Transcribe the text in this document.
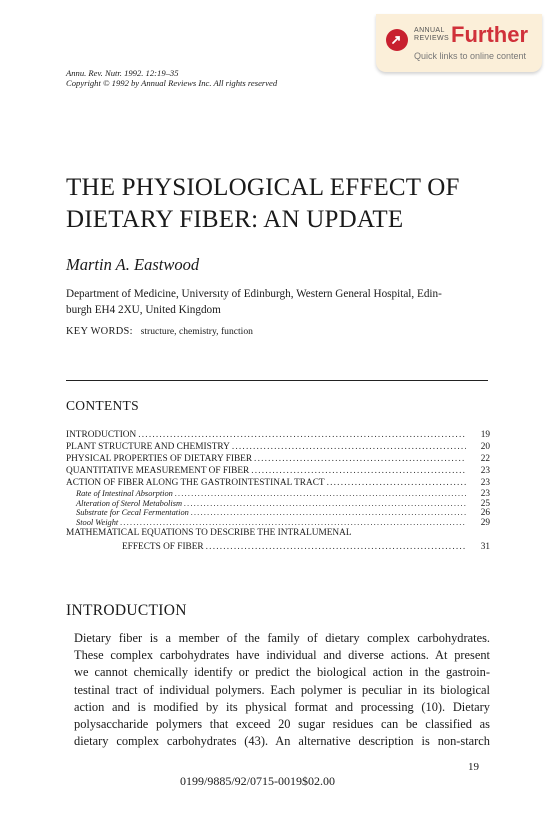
ANNUAL
REVIEWS Further
Quick links to online content
Annu. Rev. Nutr. 1992. 12:19–35
Copyright © 1992 by Annual Reviews Inc. All rights reserved
THE PHYSIOLOGICAL EFFECT OF
DIETARY FIBER: AN UPDATE
Martin A. Eastwood
Department of Medicine, Universıty of Edinburgh, Western General Hospital, Edin-
burgh EH4 2XU, United Kingdom
KEY WORDS: structure, chemistry, function
CONTENTS
INTRODUCTION .....	19
PLANT STRUCTURE AND CHEMISTRY .....	20
PHYSICAL PROPERTIES OF DIETARY FIBER .....	22
QUANTITATIVE MEASUREMENT OF FIBER .....	23
ACTION OF FIBER ALONG THE GASTROINTESTINAL TRACT .....	23
Rate of Intestinal Absorption .....	23
Alteration of Sterol Metabolism .....	25
Substrate for Cecal Fermentation .....	26
Stool Weight .....	29
MATHEMATICAL EQUATIONS TO DESCRIBE THE INTRALUMENAL
EFFECTS OF FIBER .....	31
INTRODUCTION
Dietary fiber is a member of the family of dietary complex carbohydrates.
These complex carbohydrates have individual and diverse actions. At present
we cannot chemically identify or predict the biological action in the gastroin-
testinal tract of individual polymers. Each polymer is peculiar in its biological
action and is modified by its physical format and processing (10). Dietary
polysaccharide polymers that exceed 20 sugar residues can be classified as
dietary complex carbohydrates (43). An alternative description is non-starch
19
0199/9885/92/0715-0019$02.00
